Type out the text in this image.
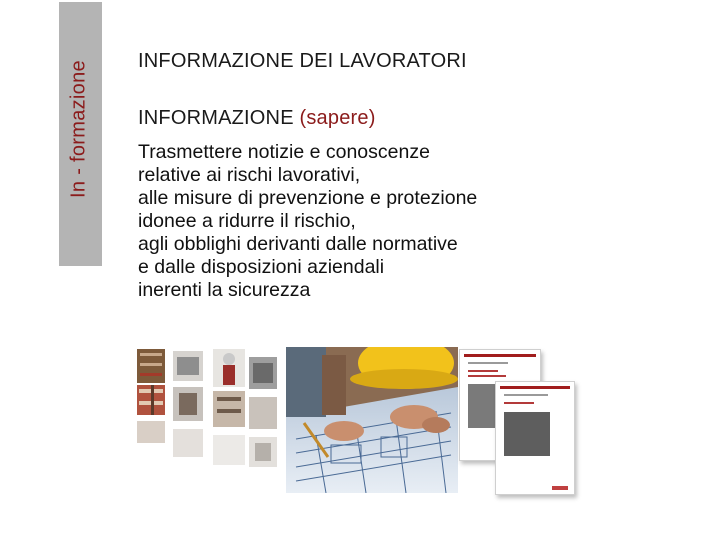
In - formazione INFORMAZIONE DEI LAVORATORI
INFORMAZIONE (sapere)
Trasmettere notizie e conoscenze
relative ai rischi lavorativi,
alle misure di prevenzione e protezione
idonee a ridurre il rischio,
agli obblighi derivanti dalle normative
e dalle disposizioni aziendali
inerenti la sicurezza
